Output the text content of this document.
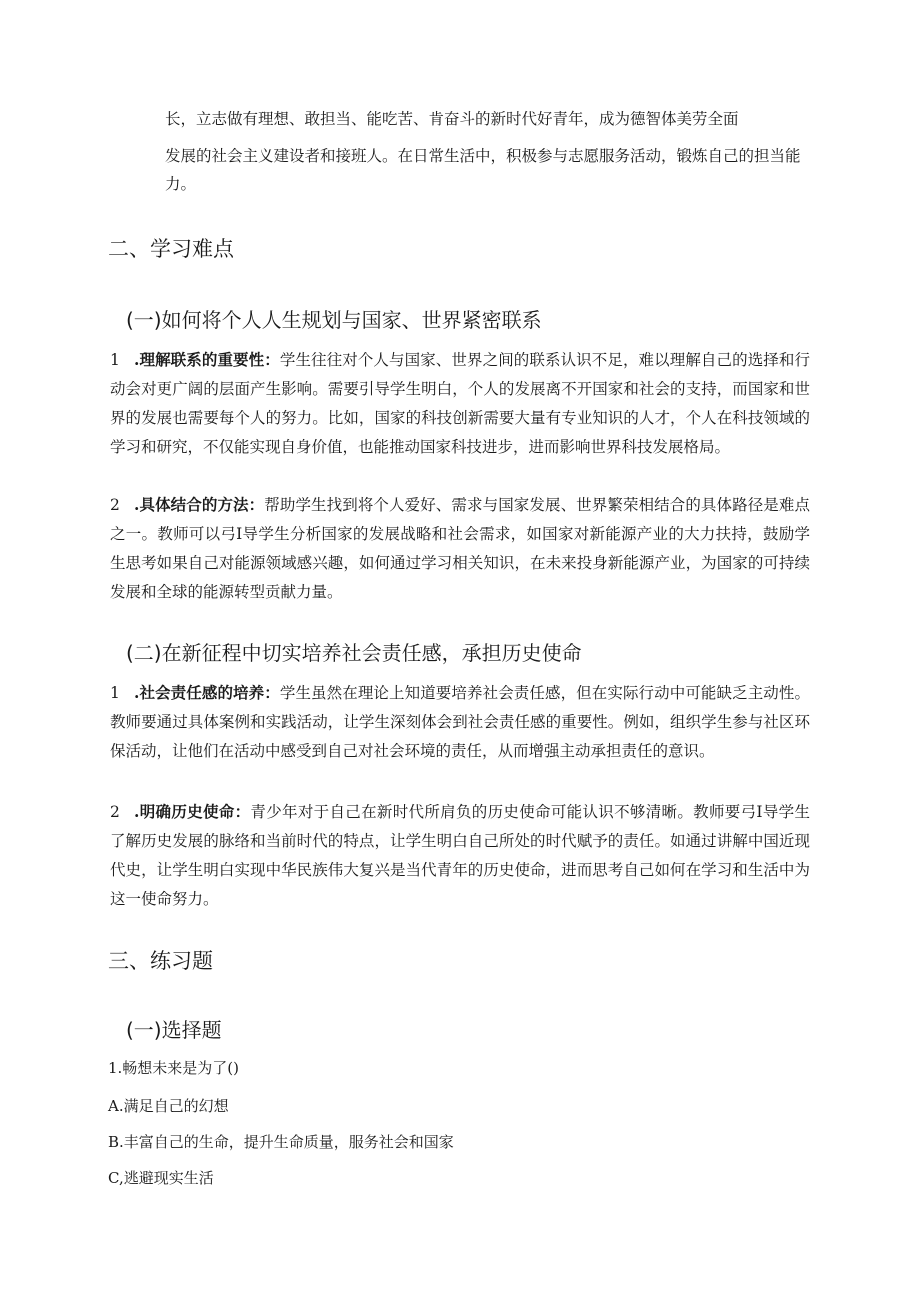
长，立志做有理想、敢担当、能吃苦、肯奋斗的新时代好青年，成为德智体美劳全面

发展的社会主义建设者和接班人。在日常生活中，积极参与志愿服务活动，锻炼自己的担当能力。

二、学习难点
(一)如何将个人人生规划与国家、世界紧密联系

1 .理解联系的重要性：学生往往对个人与国家、世界之间的联系认识不足，难以理解自己的选择和行动会对更广阔的层面产生影响。需要引导学生明白，个人的发展离不开国家和社会的支持，而国家和世界的发展也需要每个人的努力。比如，国家的科技创新需要大量有专业知识的人才，个人在科技领域的学习和研究，不仅能实现自身价值，也能推动国家科技进步，进而影响世界科技发展格局。

2 .具体结合的方法：帮助学生找到将个人爱好、需求与国家发展、世界繁荣相结合的具体路径是难点之一。教师可以弓I导学生分析国家的发展战略和社会需求，如国家对新能源产业的大力扶持，鼓励学生思考如果自己对能源领域感兴趣，如何通过学习相关知识，在未来投身新能源产业，为国家的可持续发展和全球的能源转型贡献力量。

(二)在新征程中切实培养社会责任感，承担历史使命

1 .社会责任感的培养：学生虽然在理论上知道要培养社会责任感，但在实际行动中可能缺乏主动性。教师要通过具体案例和实践活动，让学生深刻体会到社会责任感的重要性。例如，组织学生参与社区环保活动，让他们在活动中感受到自己对社会环境的责任，从而增强主动承担责任的意识。

2 .明确历史使命：青少年对于自己在新时代所肩负的历史使命可能认识不够清晰。教师要弓I导学生了解历史发展的脉络和当前时代的特点，让学生明白自己所处的时代赋予的责任。如通过讲解中国近现代史，让学生明白实现中华民族伟大复兴是当代青年的历史使命，进而思考自己如何在学习和生活中为这一使命努力。

三、练习题
(一)选择题

1.畅想未来是为了()

A.满足自己的幻想

B.丰富自己的生命，提升生命质量，服务社会和国家

C,逃避现实生活
